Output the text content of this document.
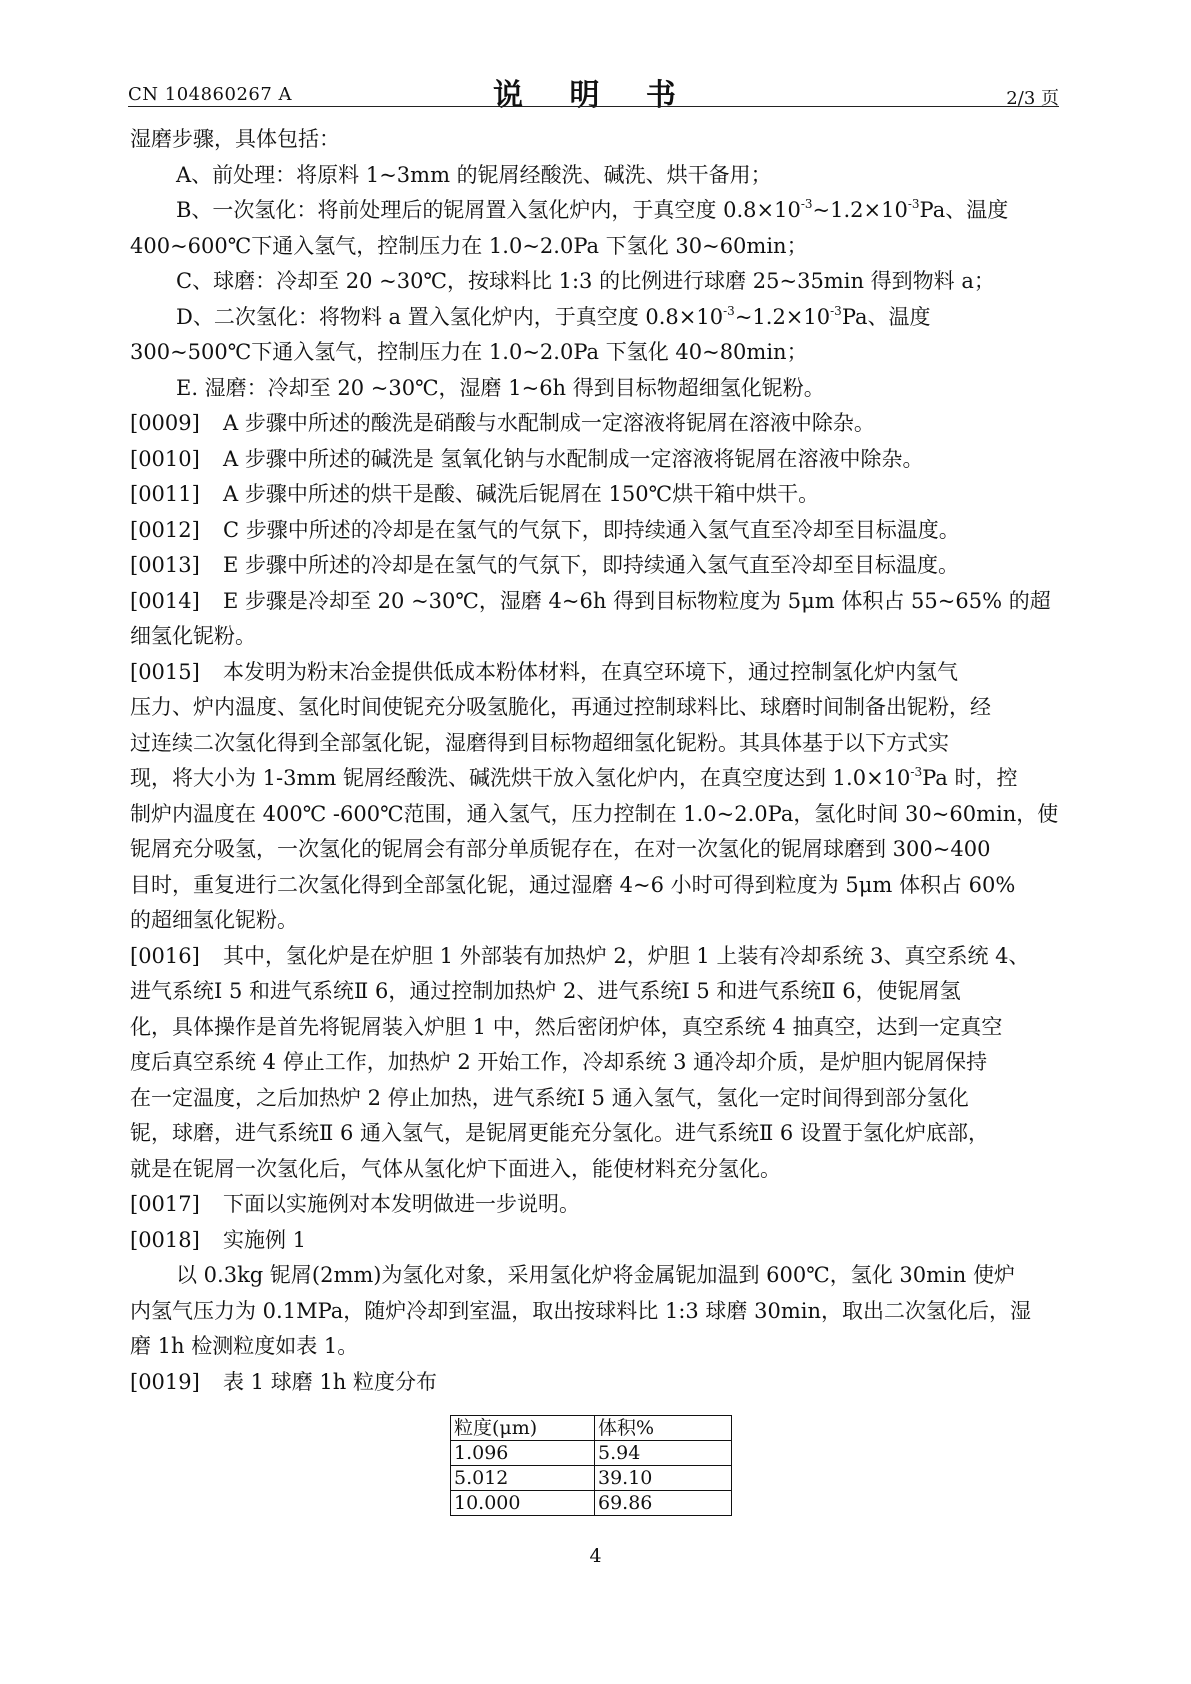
CN 104860267 A	说 明 书	2/3 页
湿磨步骤，具体包括：
A、前处理：将原料 1~3mm 的铌屑经酸洗、碱洗、烘干备用；
B、一次氢化：将前处理后的铌屑置入氢化炉内，于真空度 $0.8\times 10^{-3}\sim 1.2\times 10^{-3}Pa$、温度
400~600℃下通入氢气，控制压力在 1.0~2.0Pa 下氢化 30~60min；
C、球磨：冷却至 20 ~30℃，按球料比 1:3 的比例进行球磨 25~35min 得到物料 a；
D、二次氢化：将物料 a 置入氢化炉内，于真空度 $0.8\times 10^{-3}\sim 1.2\times 10^{-3}Pa$、温度
300~500℃下通入氢气，控制压力在 1.0~2.0Pa 下氢化 40~80min；
E. 湿磨：冷却至 20 ~30℃，湿磨 1~6h 得到目标物超细氢化铌粉。
[0009] A 步骤中所述的酸洗是硝酸与水配制成一定溶液将铌屑在溶液中除杂。
[0010] A 步骤中所述的碱洗是 氢氧化钠与水配制成一定溶液将铌屑在溶液中除杂。
[0011] A 步骤中所述的烘干是酸、碱洗后铌屑在 150℃烘干箱中烘干。
[0012] C 步骤中所述的冷却是在氢气的气氛下，即持续通入氢气直至冷却至目标温度。
[0013] E 步骤中所述的冷却是在氢气的气氛下，即持续通入氢气直至冷却至目标温度。
[0014] E 步骤是冷却至 20 ~30℃，湿磨 4~6h 得到目标物粒度为 5μm 体积占 55~65% 的超
细氢化铌粉。
[0015] 本发明为粉末冶金提供低成本粉体材料，在真空环境下，通过控制氢化炉内氢气
压力、炉内温度、氢化时间使铌充分吸氢脆化，再通过控制球料比、球磨时间制备出铌粉，经
过连续二次氢化得到全部氢化铌，湿磨得到目标物超细氢化铌粉。其具体基于以下方式实
现，将大小为 1-3mm 铌屑经酸洗、碱洗烘干放入氢化炉内，在真空度达到 $1.0\times 10^{-3}Pa$ 时，控
制炉内温度在 400℃ -600℃范围，通入氢气，压力控制在 1.0~2.0Pa，氢化时间 30~60min，使
铌屑充分吸氢，一次氢化的铌屑会有部分单质铌存在，在对一次氢化的铌屑球磨到 300~400
目时，重复进行二次氢化得到全部氢化铌，通过湿磨 4~6 小时可得到粒度为 5μm 体积占 60%
的超细氢化铌粉。
[0016] 其中，氢化炉是在炉胆 1 外部装有加热炉 2，炉胆 1 上装有冷却系统 3、真空系统 4、
进气系统Ⅰ 5 和进气系统Ⅱ 6，通过控制加热炉 2、进气系统Ⅰ 5 和进气系统Ⅱ 6，使铌屑氢
化，具体操作是首先将铌屑装入炉胆 1 中，然后密闭炉体，真空系统 4 抽真空，达到一定真空
度后真空系统 4 停止工作，加热炉 2 开始工作，冷却系统 3 通冷却介质，是炉胆内铌屑保持
在一定温度，之后加热炉 2 停止加热，进气系统Ⅰ 5 通入氢气，氢化一定时间得到部分氢化
铌，球磨，进气系统Ⅱ 6 通入氢气，是铌屑更能充分氢化。进气系统Ⅱ 6 设置于氢化炉底部，
就是在铌屑一次氢化后，气体从氢化炉下面进入，能使材料充分氢化。
[0017] 下面以实施例对本发明做进一步说明。
[0018] 实施例 1
以 0.3kg 铌屑(2mm)为氢化对象，采用氢化炉将金属铌加温到 600℃，氢化 30min 使炉
内氢气压力为 0.1MPa，随炉冷却到室温，取出按球料比 1:3 球磨 30min，取出二次氢化后，湿
磨 1h 检测粒度如表 1。
[0019] 表 1 球磨 1h 粒度分布
粒度(μm)	体积%
1.096	5.94
5.012	39.10
10.000	69.86
4
